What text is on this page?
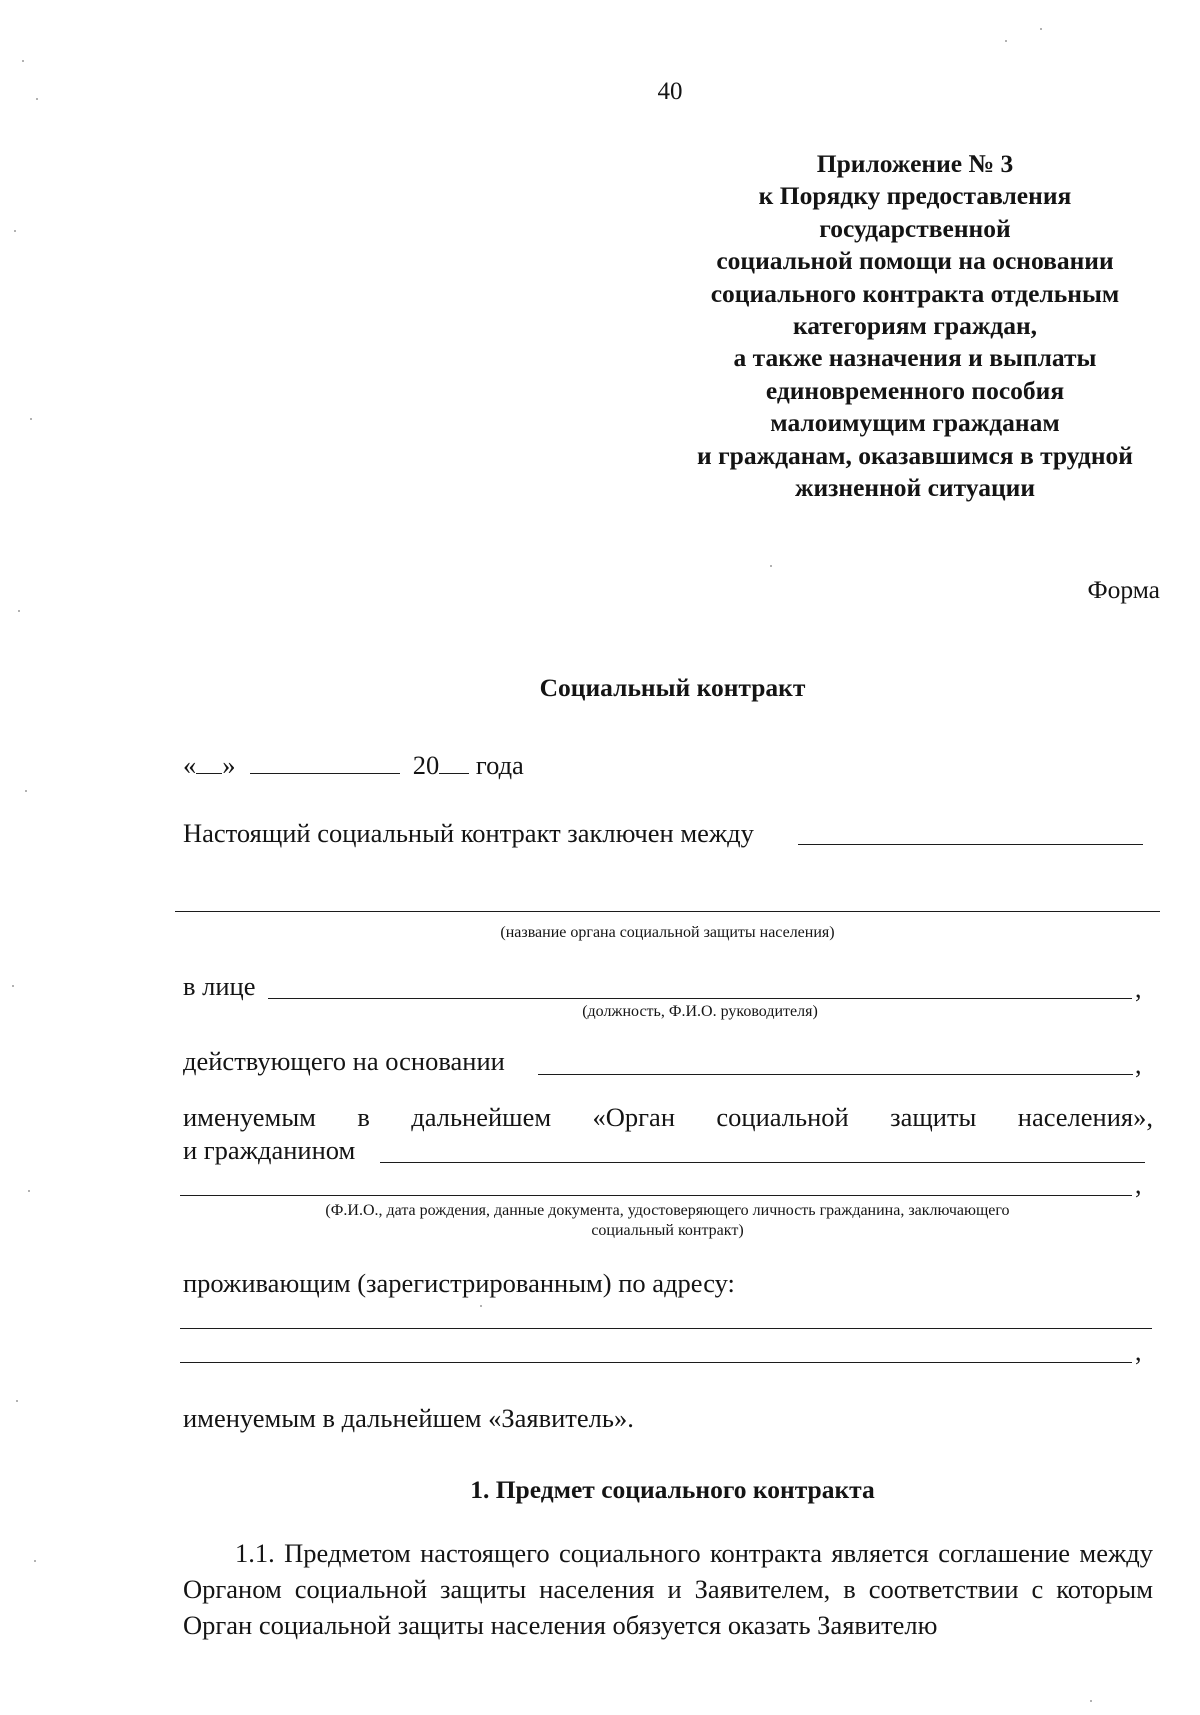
40
Приложение № 3
к Порядку предоставления
государственной
социальной помощи на основании
социального контракта отдельным
категориям граждан,
а также назначения и выплаты
единовременного пособия
малоимущим гражданам
и гражданам, оказавшимся в трудной
жизненной ситуации
Форма
Социальный контракт
« »	20 года
Настоящий социальный контракт заключен между
(название органа социальной защиты населения)
в лице	,
(должность, Ф.И.О. руководителя)
действующего на основании	,
именуемым в дальнейшем «Орган социальной защиты населения»,
и гражданином
,
(Ф.И.О., дата рождения, данные документа, удостоверяющего личность гражданина, заключающего
социальный контракт)
проживающим (зарегистрированным) по адресу:
,
именуемым в дальнейшем «Заявитель».
1. Предмет социального контракта
1.1. Предметом настоящего социального контракта является соглашение между Органом социальной защиты населения и Заявителем, в соответствии с которым Орган социальной защиты населения обязуется оказать Заявителю
